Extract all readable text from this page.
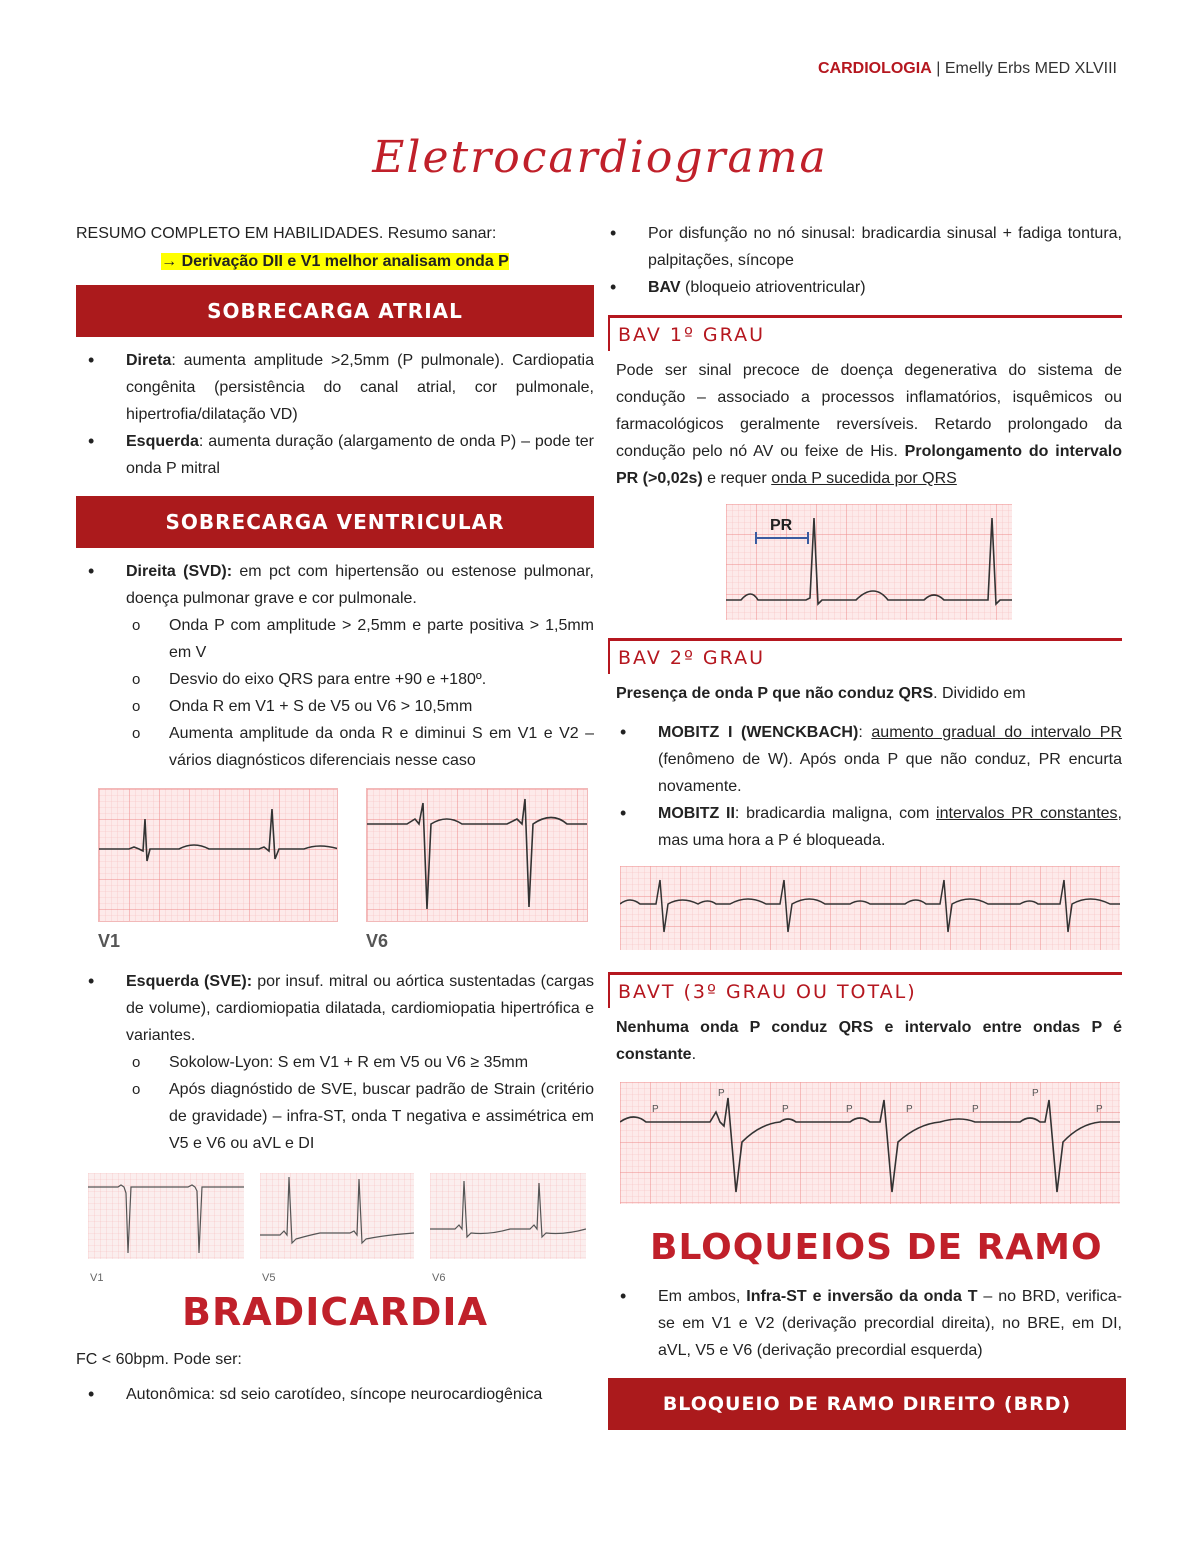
CARDIOLOGIA | Emelly Erbs MED XLVIII
Eletrocardiograma
RESUMO COMPLETO EM HABILIDADES. Resumo sanar:
→ Derivação DII e V1 melhor analisam onda P
SOBRECARGA ATRIAL
• Direta: aumenta amplitude >2,5mm (P pulmonale). Cardiopatia congênita (persistência do canal atrial, cor pulmonale, hipertrofia/dilatação VD)
• Esquerda: aumenta duração (alargamento de onda P) – pode ter onda P mitral
SOBRECARGA VENTRICULAR
• Direita (SVD): em pct com hipertensão ou estenose pulmonar, doença pulmonar grave e cor pulmonale.
o Onda P com amplitude > 2,5mm e parte positiva > 1,5mm em V
o Desvio do eixo QRS para entre +90 e +180º.
o Onda R em V1 + S de V5 ou V6 > 10,5mm
o Aumenta amplitude da onda R e diminui S em V1 e V2 – vários diagnósticos diferenciais nesse caso
V1	V6
• Esquerda (SVE): por insuf. mitral ou aórtica sustentadas (cargas de volume), cardiomiopatia dilatada, cardiomiopatia hipertrófica e variantes.
o Sokolow-Lyon: S em V1 + R em V5 ou V6 ≥ 35mm
o Após diagnóstido de SVE, buscar padrão de Strain (critério de gravidade) – infra-ST, onda T negativa e assimétrica em V5 e V6 ou aVL e DI
V1	V5	V6
BRADICARDIA
FC < 60bpm. Pode ser:
• Autonômica: sd seio carotídeo, síncope neurocardiogênica
• Por disfunção no nó sinusal: bradicardia sinusal + fadiga tontura, palpitações, síncope
• BAV (bloqueio atrioventricular)
BAV 1º GRAU
Pode ser sinal precoce de doença degenerativa do sistema de condução – associado a processos inflamatórios, isquêmicos ou farmacológicos geralmente reversíveis. Retardo prolongado da condução pelo nó AV ou feixe de His. Prolongamento do intervalo PR (>0,02s) e requer onda P sucedida por QRS
PR
BAV 2º GRAU
Presença de onda P que não conduz QRS. Dividido em
• MOBITZ I (WENCKBACH): aumento gradual do intervalo PR (fenômeno de W). Após onda P que não conduz, PR encurta novamente.
• MOBITZ II: bradicardia maligna, com intervalos PR constantes, mas uma hora a P é bloqueada.
BAVT (3º GRAU OU TOTAL)
Nenhuma onda P conduz QRS e intervalo entre ondas P é constante.
P
P
P	P	P	P
P
P
BLOQUEIOS DE RAMO
• Em ambos, Infra-ST e inversão da onda T – no BRD, verifica-se em V1 e V2 (derivação precordial direita), no BRE, em DI, aVL, V5 e V6 (derivação precordial esquerda)
BLOQUEIO DE RAMO DIREITO (BRD)
